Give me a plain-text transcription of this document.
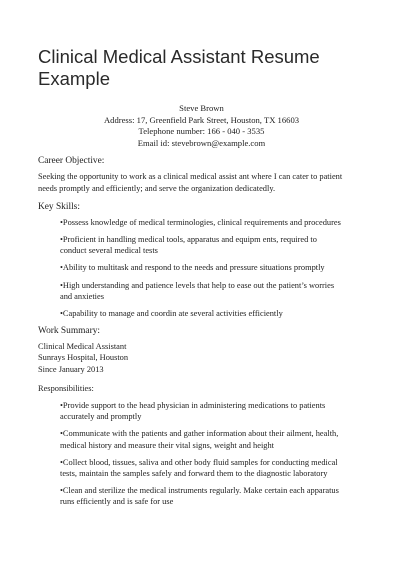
Clinical Medical Assistant Resume
Example
Steve Brown
Address: 17, Greenfield Park Street, Houston, TX 16603
Telephone number: 166 - 040 - 3535
Email id: stevebrown@example.com
Career Objective:
Seeking the opportunity to work as a clinical medical assist ant where I can cater to patient
needs promptly and efficiently; and serve the organization dedicatedly.
Key Skills:
•Possess knowledge of medical terminologies, clinical requirements and procedures
•Proficient in handling medical tools, apparatus and equipm ents, required to
conduct several medical tests
•Ability to multitask and respond to the needs and pressure situations promptly
•High understanding and patience levels that help to ease out the patient’s worries
and anxieties
•Capability to manage and coordin ate several activities efficiently
Work Summary:
Clinical Medical Assistant
Sunrays Hospital, Houston
Since January 2013
Responsibilities:
•Provide support to the head physician in administering medications to patients
accurately and promptly
•Communicate with the patients and gather information about their ailment, health,
medical history and measure their vital signs, weight and height
•Collect blood, tissues, saliva and other body fluid samples for conducting medical
tests, maintain the samples safely and forward them to the diagnostic laboratory
•Clean and sterilize the medical instruments regularly. Make certain each apparatus
runs efficiently and is safe for use
